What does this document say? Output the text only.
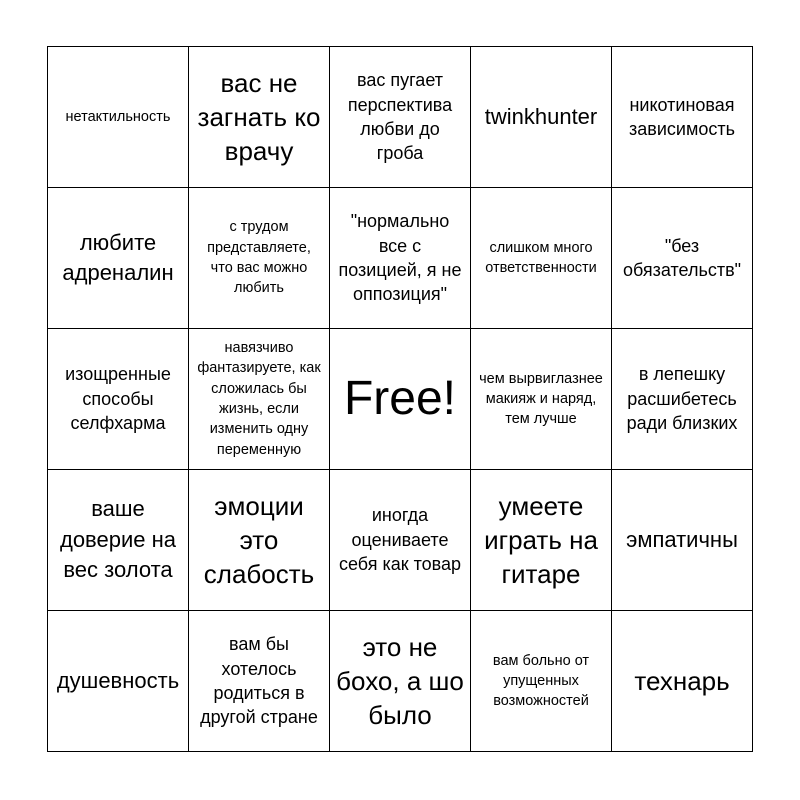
нетактильность
вас не загнать ко врачу
вас пугает перспектива любви до гроба
twinkhunter	никотиновая зависимость
любите адреналин
с трудом представляете, что вас можно любить
"нормально все с позицией, я не оппозиция"
слишком много ответственности
"без обязательств"
изощренные способы селфхарма
навязчиво фантазируете, как сложилась бы жизнь, если изменить одну переменную
Free! чем вырвиглазнее макияж и наряд, тем лучше
в лепешку расшибетесь ради близких
ваше доверие на вес золота
эмоции это слабость
иногда оцениваете себя как товар
умеете играть на гитаре
эмпатичны
душевность
вам бы хотелось родиться в другой стране
это не бохо, а шо было
вам больно от упущенных возможностей
технарь
